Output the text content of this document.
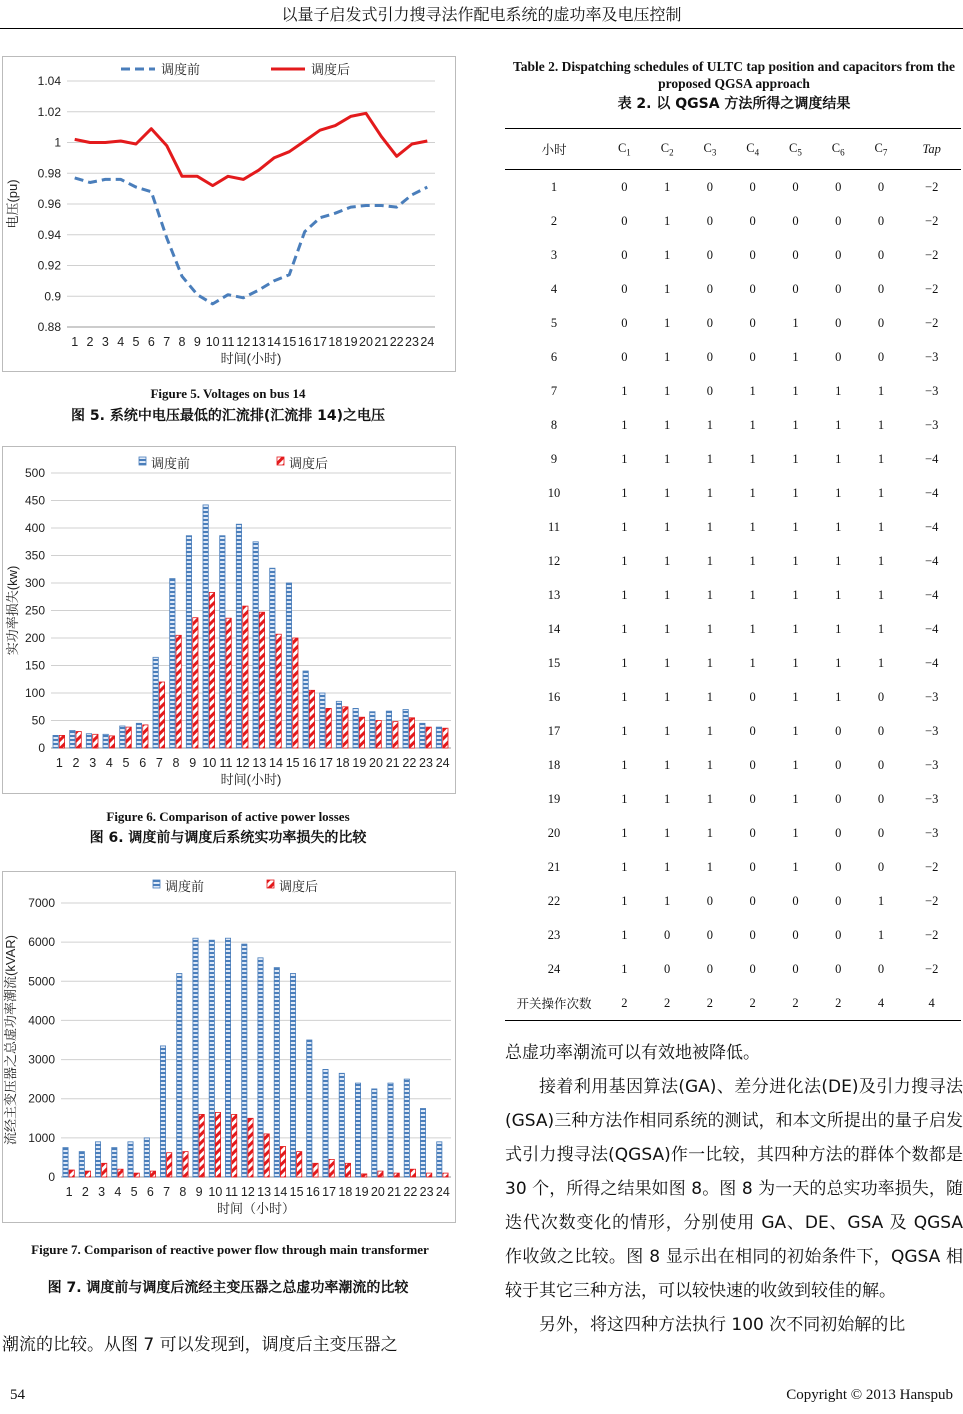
以量子启发式引力搜寻法作配电系统的虚功率及电压控制
0.88
0.9
0.92
0.94
0.96
0.98
1
1.02
1.04
1 2 3 4 5 6 7 8 9 10 11 12 13 14 15 16 17 18 19 20 21 22 23 24
时间(小时)
电压(pu)
调度前	调度后
Figure 5. Voltages on bus 14
图 5. 系统中电压最低的汇流排(汇流排 14)之电压
0
50
100
150
200
250
300
350
400
450
500
1 2 3 4 5 6 7 8 9 10 11 12 13 14 15 16 17 18 19 20 21 22 23 24
时间(小时)
实功率损失(kw)
调度前	调度后
Figure 6. Comparison of active power losses
图 6. 调度前与调度后系统实功率损失的比较
0
1000
2000
3000
4000
5000
6000
7000
1 2 3 4 5 6 7 8 9 10 11 12 13 14 15 16 17 18 19 20 21 22 23 24
时间（小时）
流经主变压器之总虚功率潮流(kVAR)
调度前	调度后
Figure 7. Comparison of reactive power flow through main transformer
图 7. 调度前与调度后流经主变压器之总虚功率潮流的比较
潮流的比较。从图 7 可以发现到，调度后主变压器之
Table 2. Dispatching schedules of ULTC tap position and capacitors from the proposed QGSA approach
表 2. 以 QGSA 方法所得之调度结果
小时	$C_1$	$C_2$	$C_3$	$C_4$	$C_5$	$C_6$	$C_7$	Tap
1	0	1	0	0	0	0	0	−2
2	0	1	0	0	0	0	0	−2
3	0	1	0	0	0	0	0	−2
4	0	1	0	0	0	0	0	−2
5	0	1	0	0	1	0	0	−2
6	0	1	0	0	1	0	0	−3
7	1	1	0	1	1	1	1	−3
8	1	1	1	1	1	1	1	−3
9	1	1	1	1	1	1	1	−4
10	1	1	1	1	1	1	1	−4
11	1	1	1	1	1	1	1	−4
12	1	1	1	1	1	1	1	−4
13	1	1	1	1	1	1	1	−4
14	1	1	1	1	1	1	1	−4
15	1	1	1	1	1	1	1	−4
16	1	1	1	0	1	1	0	−3
17	1	1	1	0	1	0	0	−3
18	1	1	1	0	1	0	0	−3
19	1	1	1	0	1	0	0	−3
20	1	1	1	0	1	0	0	−3
21	1	1	1	0	1	0	0	−2
22	1	1	0	0	0	0	1	−2
23	1	0	0	0	0	0	1	−2
24	1	0	0	0	0	0	0	−2
开关操作次数	2	2	2	2	2	2	4	4

总虚功率潮流可以有效地被降低。

接着利用基因算法(GA)、差分进化法(DE)及引力搜寻法(GSA)三种方法作相同系统的测试，和本文所提出的量子启发式引力搜寻法(QGSA)作一比较，其四种方法的群体个数都是 30 个，所得之结果如图 8。图 8 为一天的总实功率损失，随迭代次数变化的情形，分别使用 GA、DE、GSA 及 QGSA 作收敛之比较。图 8 显示出在相同的初始条件下，QGSA 相较于其它三种方法，可以较快速的收敛到较佳的解。

另外，将这四种方法执行 100 次不同初始解的比

54	Copyright © 2013 Hanspub
